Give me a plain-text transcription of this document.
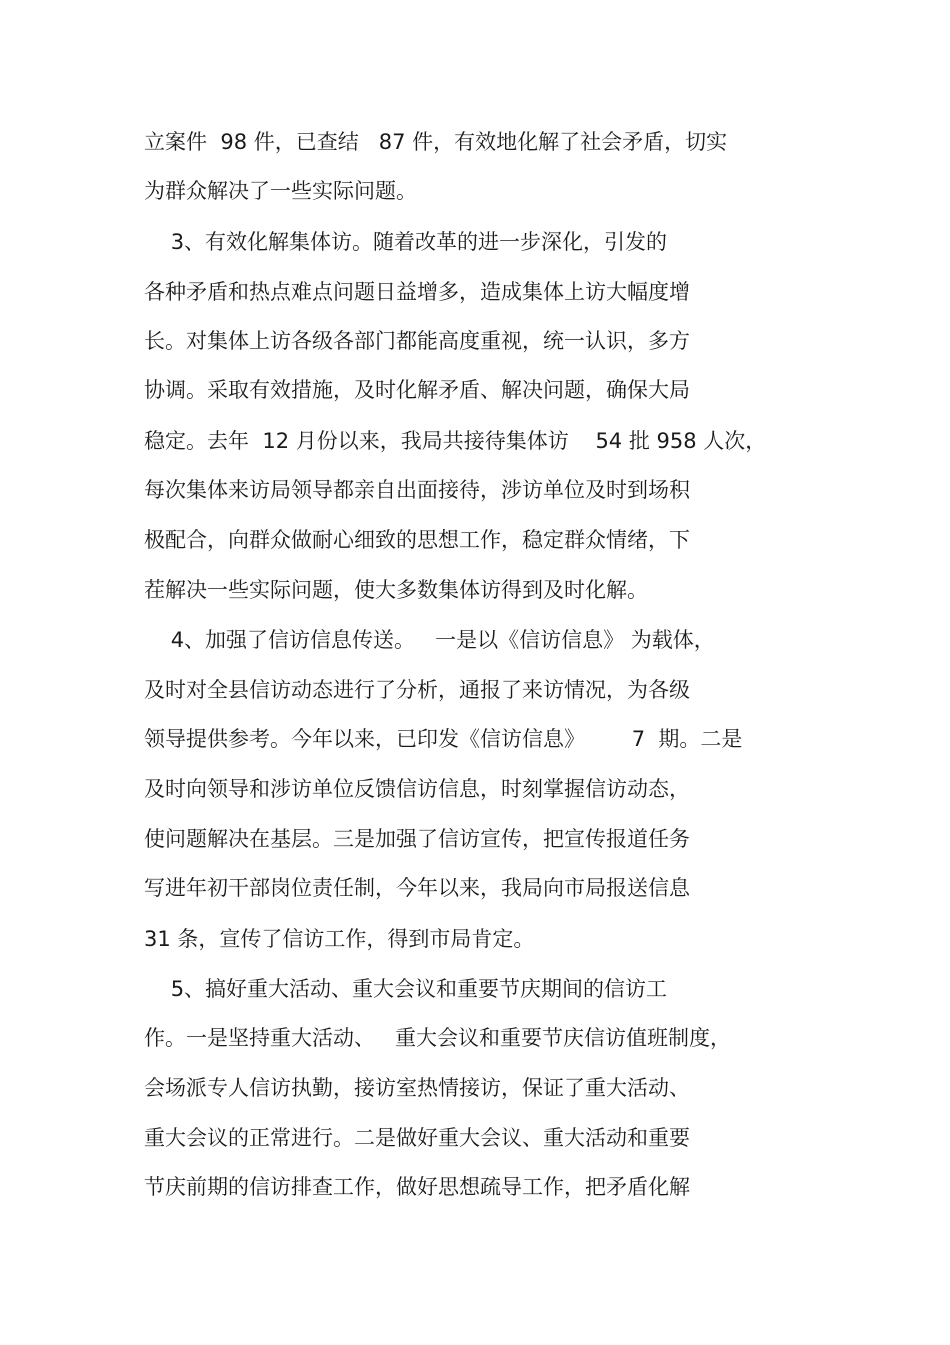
立案件  98 件，已查结   87 件，有效地化解了社会矛盾，切实
为群众解决了一些实际问题。
3、有效化解集体访。随着改革的进一步深化，引发的
各种矛盾和热点难点问题日益增多，造成集体上访大幅度增
长。对集体上访各级各部门都能高度重视，统一认识，多方
协调。采取有效措施，及时化解矛盾、解决问题，确保大局
稳定。去年  12 月份以来，我局共接待集体访    54 批 958 人次，
每次集体来访局领导都亲自出面接待，涉访单位及时到场积
极配合，向群众做耐心细致的思想工作，稳定群众情绪，下
茬解决一些实际问题，使大多数集体访得到及时化解。
4、加强了信访信息传送。   一是以《信访信息》 为载体，
及时对全县信访动态进行了分析，通报了来访情况，为各级
领导提供参考。今年以来，已印发《信访信息》       7  期。二是
及时向领导和涉访单位反馈信访信息，时刻掌握信访动态，
使问题解决在基层。三是加强了信访宣传，把宣传报道任务
写进年初干部岗位责任制，今年以来，我局向市局报送信息
31 条，宣传了信访工作，得到市局肯定。
5、搞好重大活动、重大会议和重要节庆期间的信访工
作。一是坚持重大活动、   重大会议和重要节庆信访值班制度，
会场派专人信访执勤，接访室热情接访，保证了重大活动、
重大会议的正常进行。二是做好重大会议、重大活动和重要
节庆前期的信访排查工作，做好思想疏导工作，把矛盾化解
